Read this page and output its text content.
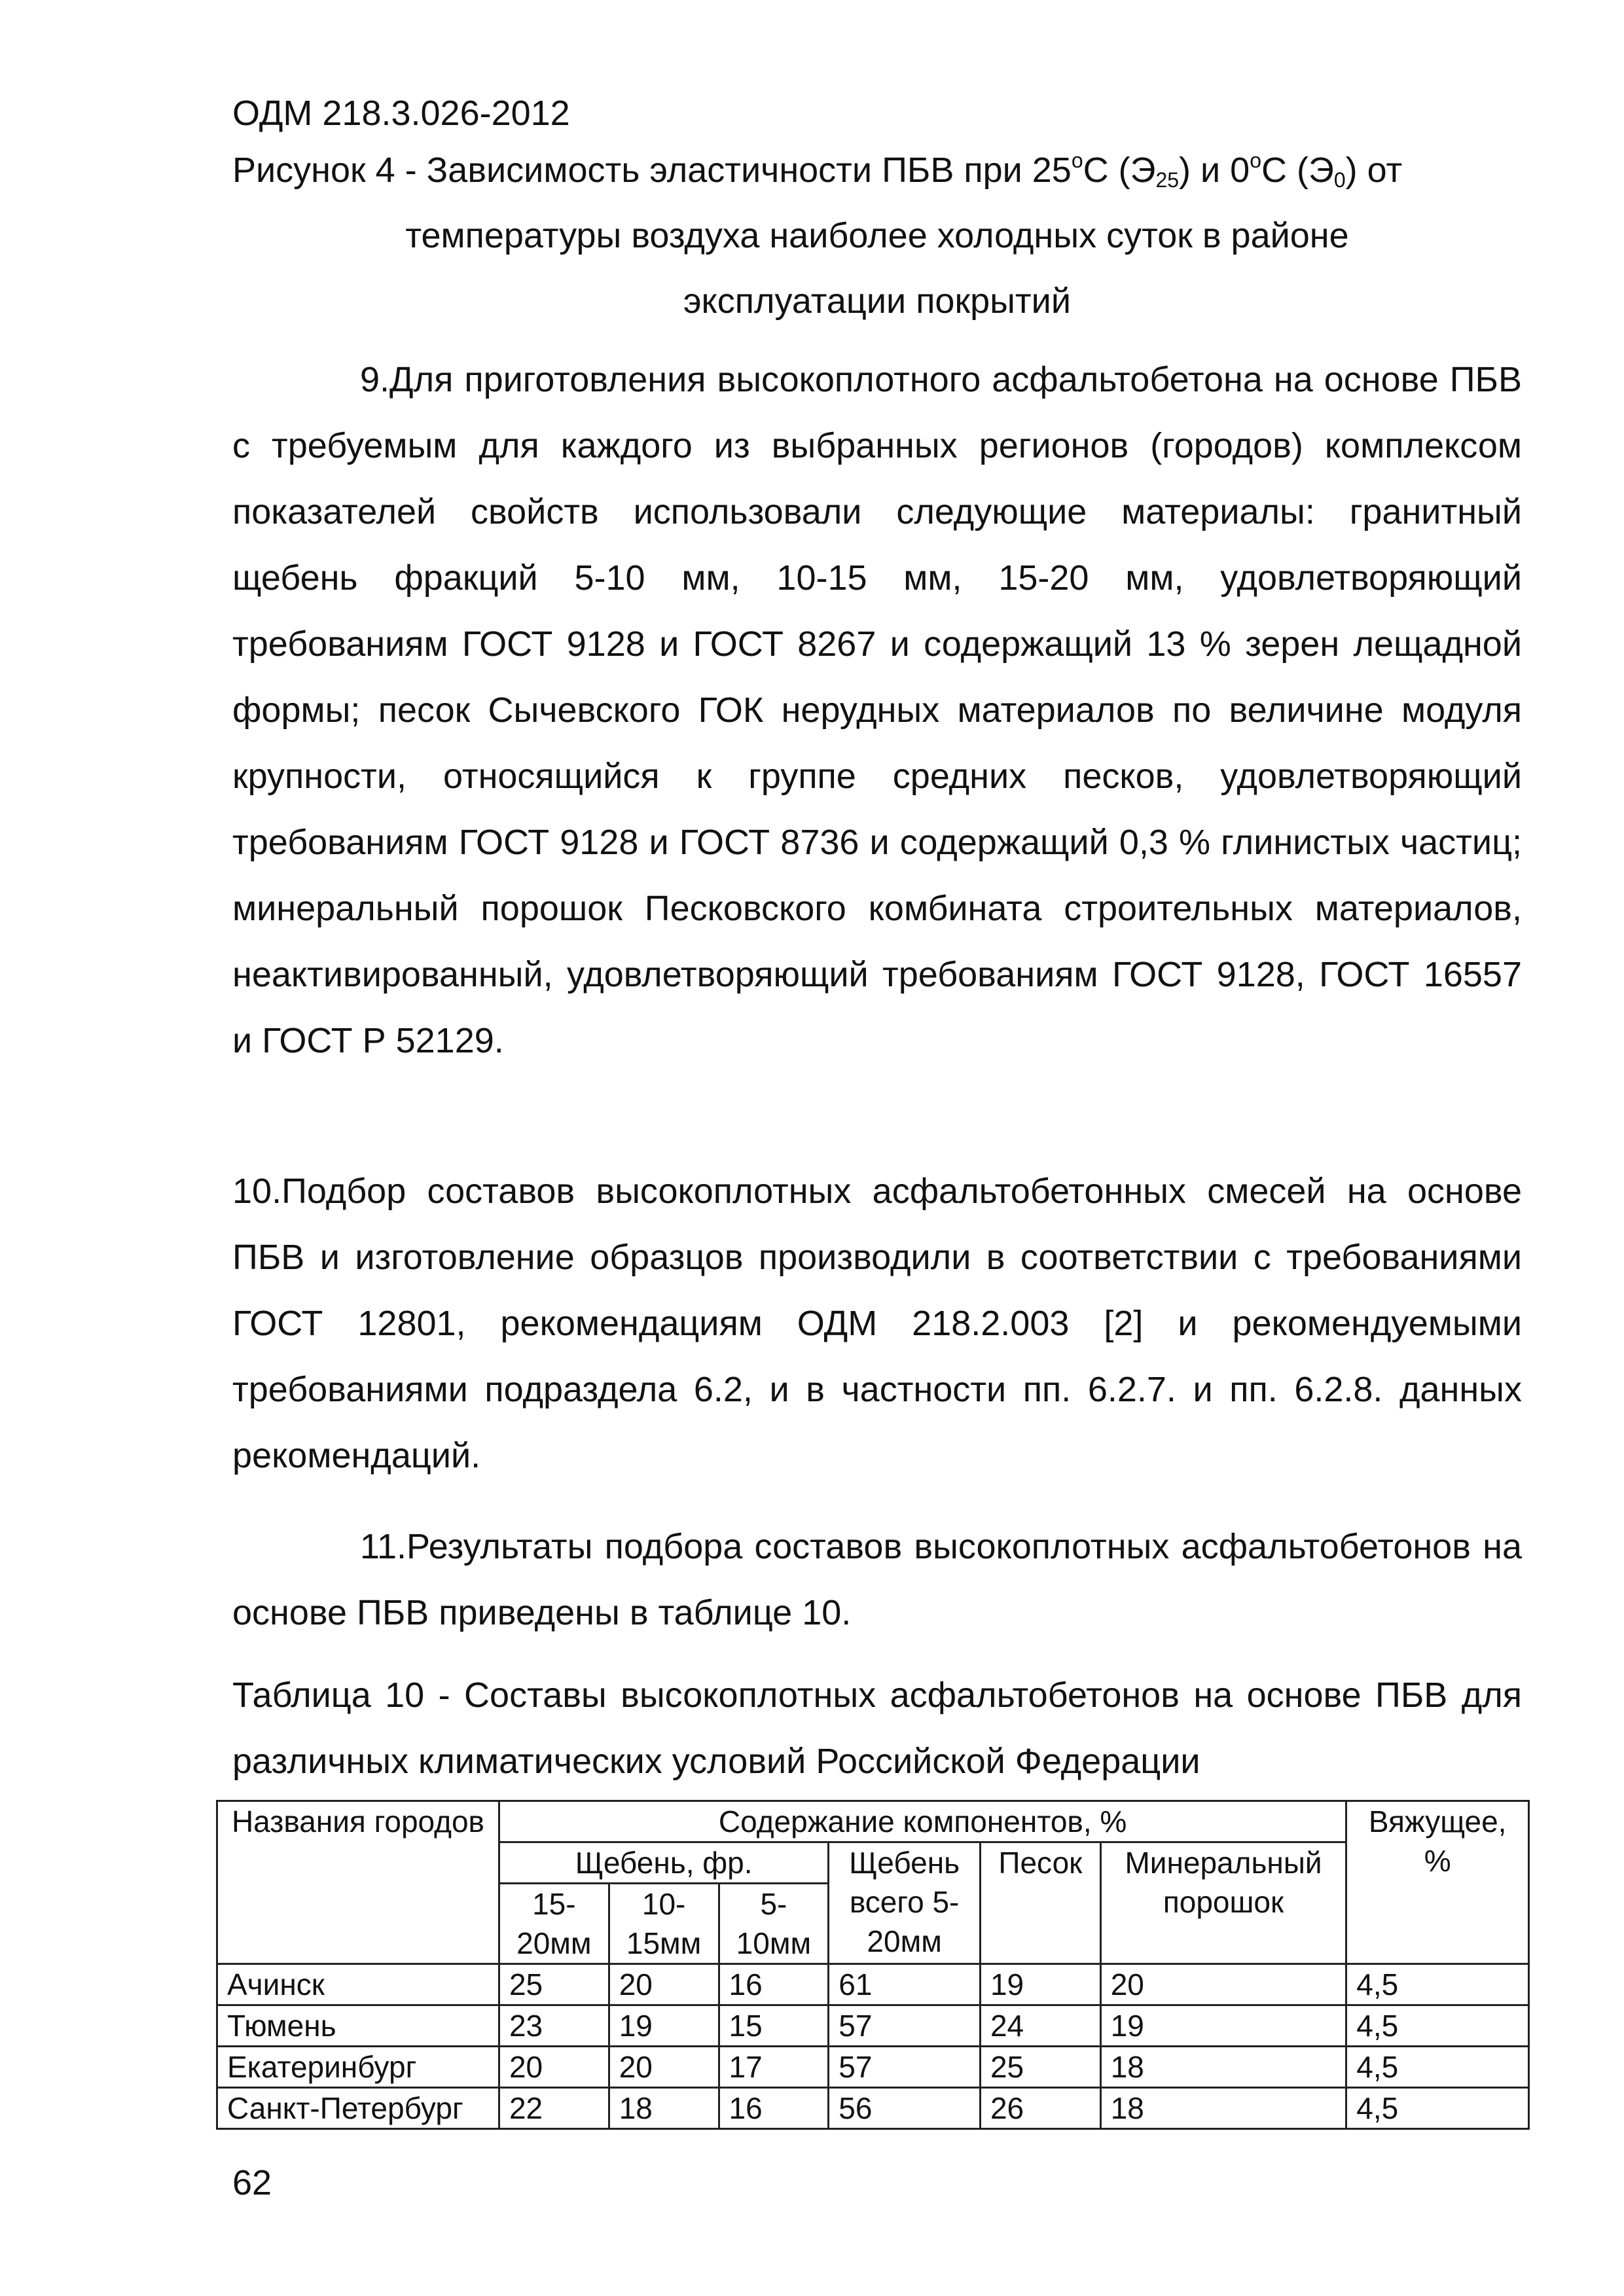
ОДМ 218.3.026-2012
Рисунок 4 - Зависимость эластичности ПБВ при 25$^o$С $(Э_{25})$ и 0$^o$С $(Э_0)$ от
температуры воздуха наиболее холодных суток в районе
эксплуатации покрытий

9.Для приготовления высокоплотного асфальтобетона на основе ПБВ с требуемым для каждого из выбранных регионов (городов) комплексом показателей свойств использовали следующие материалы: гранитный щебень фракций 5-10 мм, 10-15 мм, 15-20 мм, удовлетворяющий требованиям ГОСТ 9128 и ГОСТ 8267 и содержащий 13 % зерен лещадной формы; песок Сычевского ГОК нерудных материалов по величине модуля крупности, относящийся к группе средних песков, удовлетворяющий требованиям ГОСТ 9128 и ГОСТ 8736 и содержащий 0,3 % глинистых частиц; минеральный порошок Песковского комбината строительных материалов, неактивированный, удовлетворяющий требованиям ГОСТ 9128, ГОСТ 16557 и ГОСТ Р 52129.

10.Подбор составов высокоплотных асфальтобетонных смесей на основе ПБВ и изготовление образцов производили в соответствии с требованиями ГОСТ 12801, рекомендациям ОДМ 218.2.003 [2] и рекомендуемыми требованиями подраздела 6.2, и в частности пп. 6.2.7. и пп. 6.2.8. данных рекомендаций.

11.Результаты подбора составов высокоплотных асфальтобетонов на основе ПБВ приведены в таблице 10.

Таблица 10 - Составы высокоплотных асфальтобетонов на основе ПБВ для различных климатических условий Российской Федерации

Названия городов	Содержание компонентов, %						Вяжущее, %
	Щебень, фр.			Щебень всего 5-20мм	Песок	Минеральный порошок	
	15-20мм	10-15мм	5-10мм				
Ачинск	25	20	16	61	19	20	4,5
Тюмень	23	19	15	57	24	19	4,5
Екатеринбург	20	20	17	57	25	18	4,5
Санкт-Петербург	22	18	16	56	26	18	4,5
62
